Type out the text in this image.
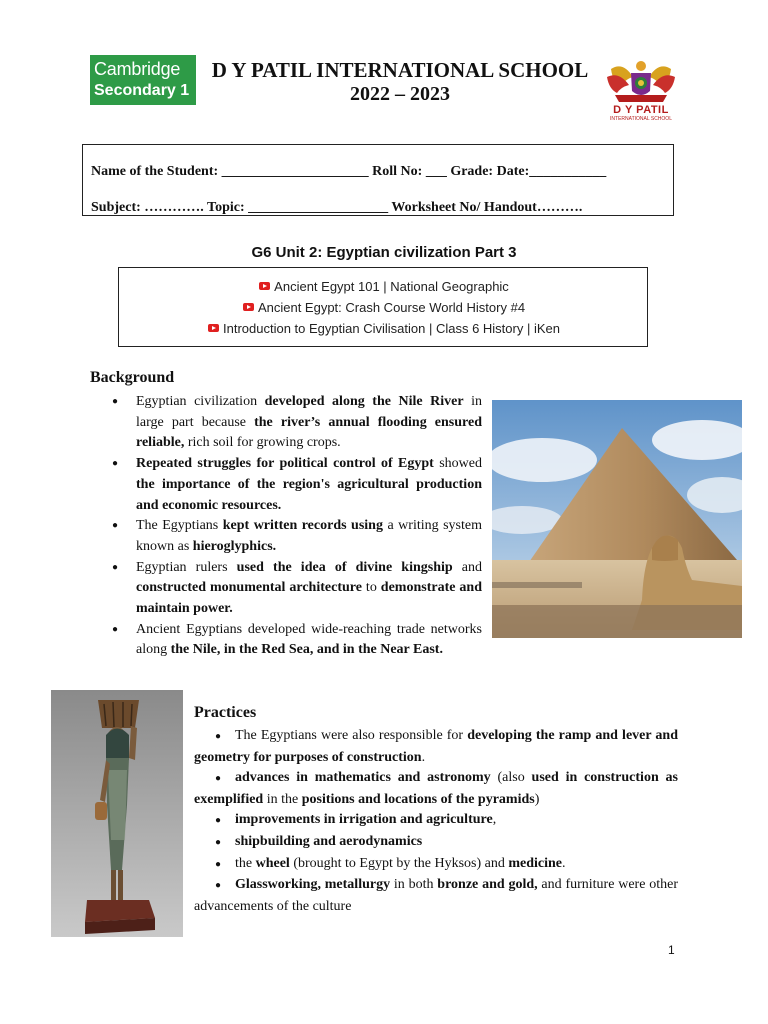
Cambridge
Secondary 1
D Y PATIL INTERNATIONAL SCHOOL
2022 – 2023
D Y PATIL
INTERNATIONAL SCHOOL
Name of the Student: _____________________ Roll No: ___ Grade: Date:___________
Subject: …………. Topic: ____________________ Worksheet No/ Handout……….
G6 Unit 2: Egyptian civilization Part 3
Ancient Egypt 101 | National Geographic
Ancient Egypt: Crash Course World History #4
Introduction to Egyptian Civilisation | Class 6 History | iKen
Background
● Egyptian civilization developed along the Nile River in large part because the river’s annual flooding ensured reliable, rich soil for growing crops.
● Repeated struggles for political control of Egypt showed the importance of the region's agricultural production and economic resources.
● The Egyptians kept written records using a writing system known as hieroglyphics.
● Egyptian rulers used the idea of divine kingship and constructed monumental architecture to demonstrate and maintain power.
● Ancient Egyptians developed wide-reaching trade networks along the Nile, in the Red Sea, and in the Near East.
Practices
● The Egyptians were also responsible for developing the ramp and lever and geometry for purposes of construction.
● advances in mathematics and astronomy (also used in construction as exemplified in the positions and locations of the pyramids)
● improvements in irrigation and agriculture,
● shipbuilding and aerodynamics
● the wheel (brought to Egypt by the Hyksos) and medicine.
● Glassworking, metallurgy in both bronze and gold, and furniture were other advancements of the culture
1
